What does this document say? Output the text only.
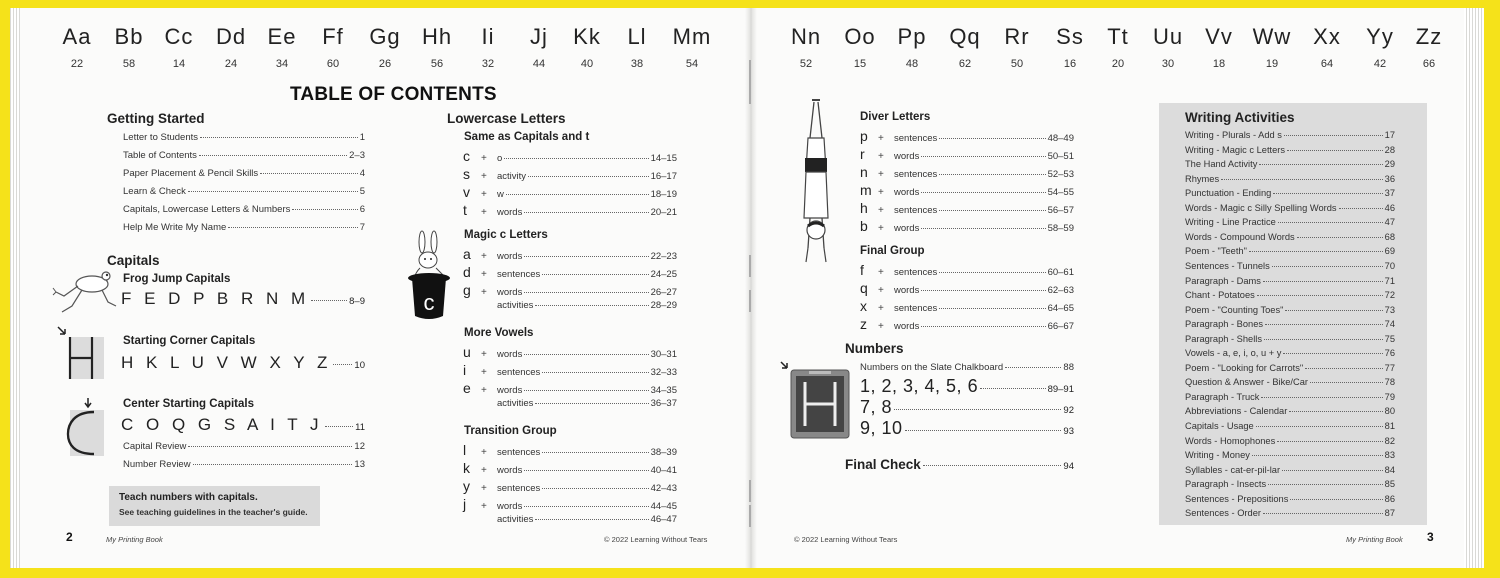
Aa
22
Bb
58
Cc
14
Dd
24
Ee
34
Ff
60
Gg
26
Hh
56
Ii
32
Jj
44
Kk
40
Ll
38
Mm
54
Nn
52
Oo
15
Pp
48
Qq
62
Rr
50
Ss
16
Tt
20
Uu
30
Vv
18
Ww
19
Xx
64
Yy
42
Zz
66
TABLE OF CONTENTS
Getting Started
Letter to Students	1
Table of Contents	2–3
Paper Placement & Pencil Skills	4
Learn & Check	5
Capitals, Lowercase Letters & Numbers	6
Help Me Write My Name	7
Capitals
Frog Jump Capitals
F E D P B R N M	8–9
Starting Corner Capitals
H K L U V W X Y Z 10
Center Starting Capitals
C O Q G S A I T J	11
Capital Review	12
Number Review	13
Teach numbers with capitals.
See teaching guidelines in the teacher's guide.
Lowercase Letters
Same as Capitals and t
c	+	o	14–15
s	+	activity	16–17
v	+	w	18–19
t	+	words	20–21
c
Magic c Letters
a	+	words	22–23
d	+	sentences	24–25
g	+	words	26–27
activities	28–29
More Vowels
u	+	words	30–31
i	+	sentences	32–33
e	+	words	34–35
activities	36–37
Transition Group
l	+	sentences	38–39
k	+	words	40–41
y	+	sentences	42–43
j	+	words	44–45
activities	46–47
2	My Printing Book	© 2022 Learning Without Tears	© 2022 Learning Without Tears	My Printing Book 3
Diver Letters
p	+	sentences	48–49
r	+	words	50–51
n	+	sentences	52–53
m +	words	54–55
h	+	sentences	56–57
b	+	words	58–59
Final Group
f	+	sentences	60–61
q	+	words	62–63
x	+	sentences	64–65
z	+	words	66–67
Numbers
Numbers on the Slate Chalkboard	88
1, 2, 3, 4, 5, 6	89–91
7, 8	92
9, 10	93
Final Check	94
Writing Activities
Writing - Plurals - Add s	17
Writing - Magic c Letters	28
The Hand Activity	29
Rhymes	36
Punctuation - Ending	37
Words - Magic c Silly Spelling Words	46
Writing - Line Practice	47
Words - Compound Words	68
Poem - "Teeth"	69
Sentences - Tunnels	70
Paragraph - Dams	71
Chant - Potatoes	72
Poem - "Counting Toes"	73
Paragraph - Bones	74
Paragraph - Shells	75
Vowels - a, e, i, o, u + y	76
Poem - "Looking for Carrots"	77
Question & Answer - Bike/Car	78
Paragraph - Truck	79
Abbreviations - Calendar	80
Capitals - Usage	81
Words - Homophones	82
Writing - Money	83
Syllables - cat-er-pil-lar	84
Paragraph - Insects	85
Sentences - Prepositions	86
Sentences - Order	87
